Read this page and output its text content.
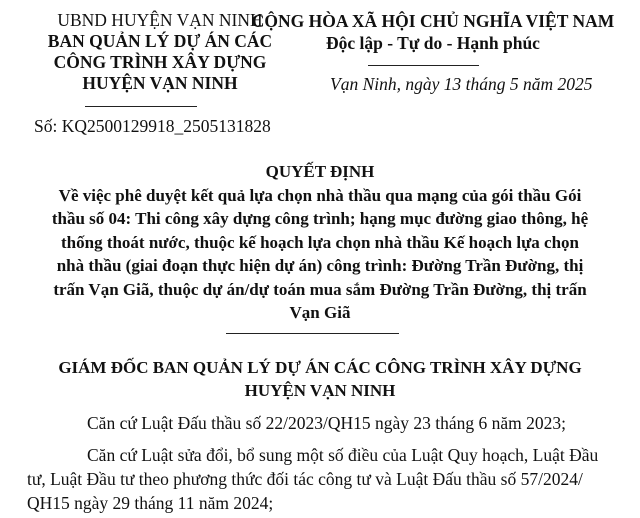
UBND HUYỆN VẠN NINH
BAN QUẢN LÝ DỰ ÁN CÁC
CÔNG TRÌNH XÂY DỰNG
HUYỆN VẠN NINH
Số: KQ2500129918_2505131828
CỘNG HÒA XÃ HỘI CHỦ NGHĨA VIỆT NAM
Độc lập - Tự do - Hạnh phúc
Vạn Ninh, ngày 13 tháng 5 năm 2025
QUYẾT ĐỊNH
Về việc phê duyệt kết quả lựa chọn nhà thầu qua mạng của gói thầu Gói
thầu số 04: Thi công xây dựng công trình; hạng mục đường giao thông, hệ
thống thoát nước, thuộc kế hoạch lựa chọn nhà thầu Kế hoạch lựa chọn
nhà thầu (giai đoạn thực hiện dự án) công trình: Đường Trần Đường, thị
trấn Vạn Giã, thuộc dự án/dự toán mua sắm Đường Trần Đường, thị trấn
Vạn Giã
GIÁM ĐỐC BAN QUẢN LÝ DỰ ÁN CÁC CÔNG TRÌNH XÂY DỰNG
HUYỆN VẠN NINH
Căn cứ Luật Đấu thầu số 22/2023/QH15 ngày 23 tháng 6 năm 2023;
Căn cứ Luật sửa đổi, bổ sung một số điều của Luật Quy hoạch, Luật Đầu
tư, Luật Đầu tư theo phương thức đối tác công tư và Luật Đấu thầu số 57/2024/
QH15 ngày 29 tháng 11 năm 2024;
